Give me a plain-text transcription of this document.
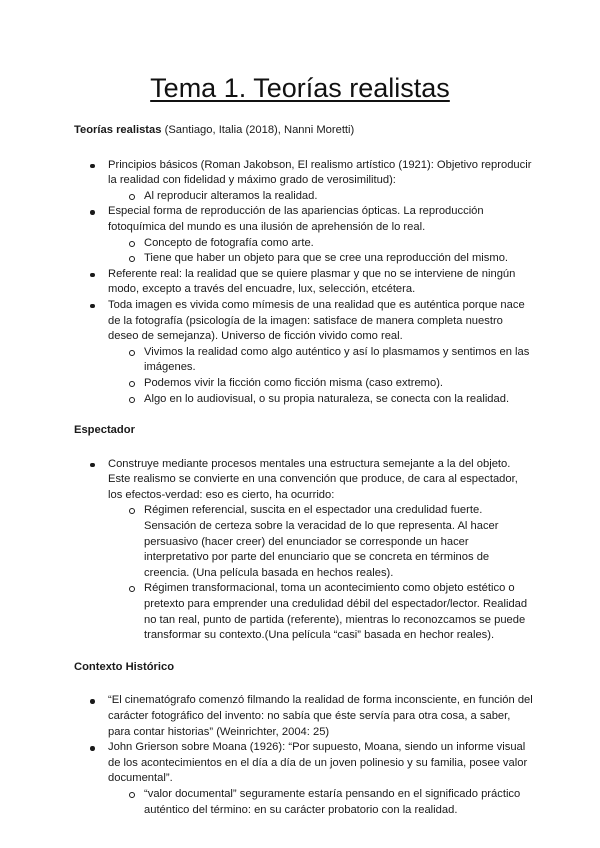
Tema 1. Teorías realistas

Teorías realistas (Santiago, Italia (2018), Nanni Moretti)

Principios básicos (Roman Jakobson, El realismo artístico (1921): Objetivo reproducir la realidad con fidelidad y máximo grado de verosimilitud):
Al reproducir alteramos la realidad.
Especial forma de reproducción de las apariencias ópticas. La reproducción fotoquímica del mundo es una ilusión de aprehensión de lo real.
Concepto de fotografía como arte.
Tiene que haber un objeto para que se cree una reproducción del mismo.
Referente real: la realidad que se quiere plasmar y que no se interviene de ningún modo, excepto a través del encuadre, lux, selección, etcétera.
Toda imagen es vivida como mímesis de una realidad que es auténtica porque nace de la fotografía (psicología de la imagen: satisface de manera completa nuestro deseo de semejanza). Universo de ficción vivido como real.
Vivimos la realidad como algo auténtico y así lo plasmamos y sentimos en las imágenes.
Podemos vivir la ficción como ficción misma (caso extremo).
Algo en lo audiovisual, o su propia naturaleza, se conecta con la realidad.

Espectador

Construye mediante procesos mentales una estructura semejante a la del objeto. Este realismo se convierte en una convención que produce, de cara al espectador, los efectos-verdad: eso es cierto, ha ocurrido:
Régimen referencial, suscita en el espectador una credulidad fuerte. Sensación de certeza sobre la veracidad de lo que representa. Al hacer persuasivo (hacer creer) del enunciador se corresponde un hacer interpretativo por parte del enunciario que se concreta en términos de creencia. (Una película basada en hechos reales).
Régimen transformacional, toma un acontecimiento como objeto estético o pretexto para emprender una credulidad débil del espectador/lector. Realidad no tan real, punto de partida (referente), mientras lo reconozcamos se puede transformar su contexto.(Una película “casi” basada en hechor reales).

Contexto Histórico

“El cinematógrafo comenzó filmando la realidad de forma inconsciente, en función del carácter fotográfico del invento: no sabía que éste servía para otra cosa, a saber, para contar historias” (Weinrichter, 2004: 25)
John Grierson sobre Moana (1926): “Por supuesto, Moana, siendo un informe visual de los acontecimientos en el día a día de un joven polinesio y su familia, posee valor documental”.
“valor documental” seguramente estaría pensando en el significado práctico auténtico del término: en su carácter probatorio con la realidad.
